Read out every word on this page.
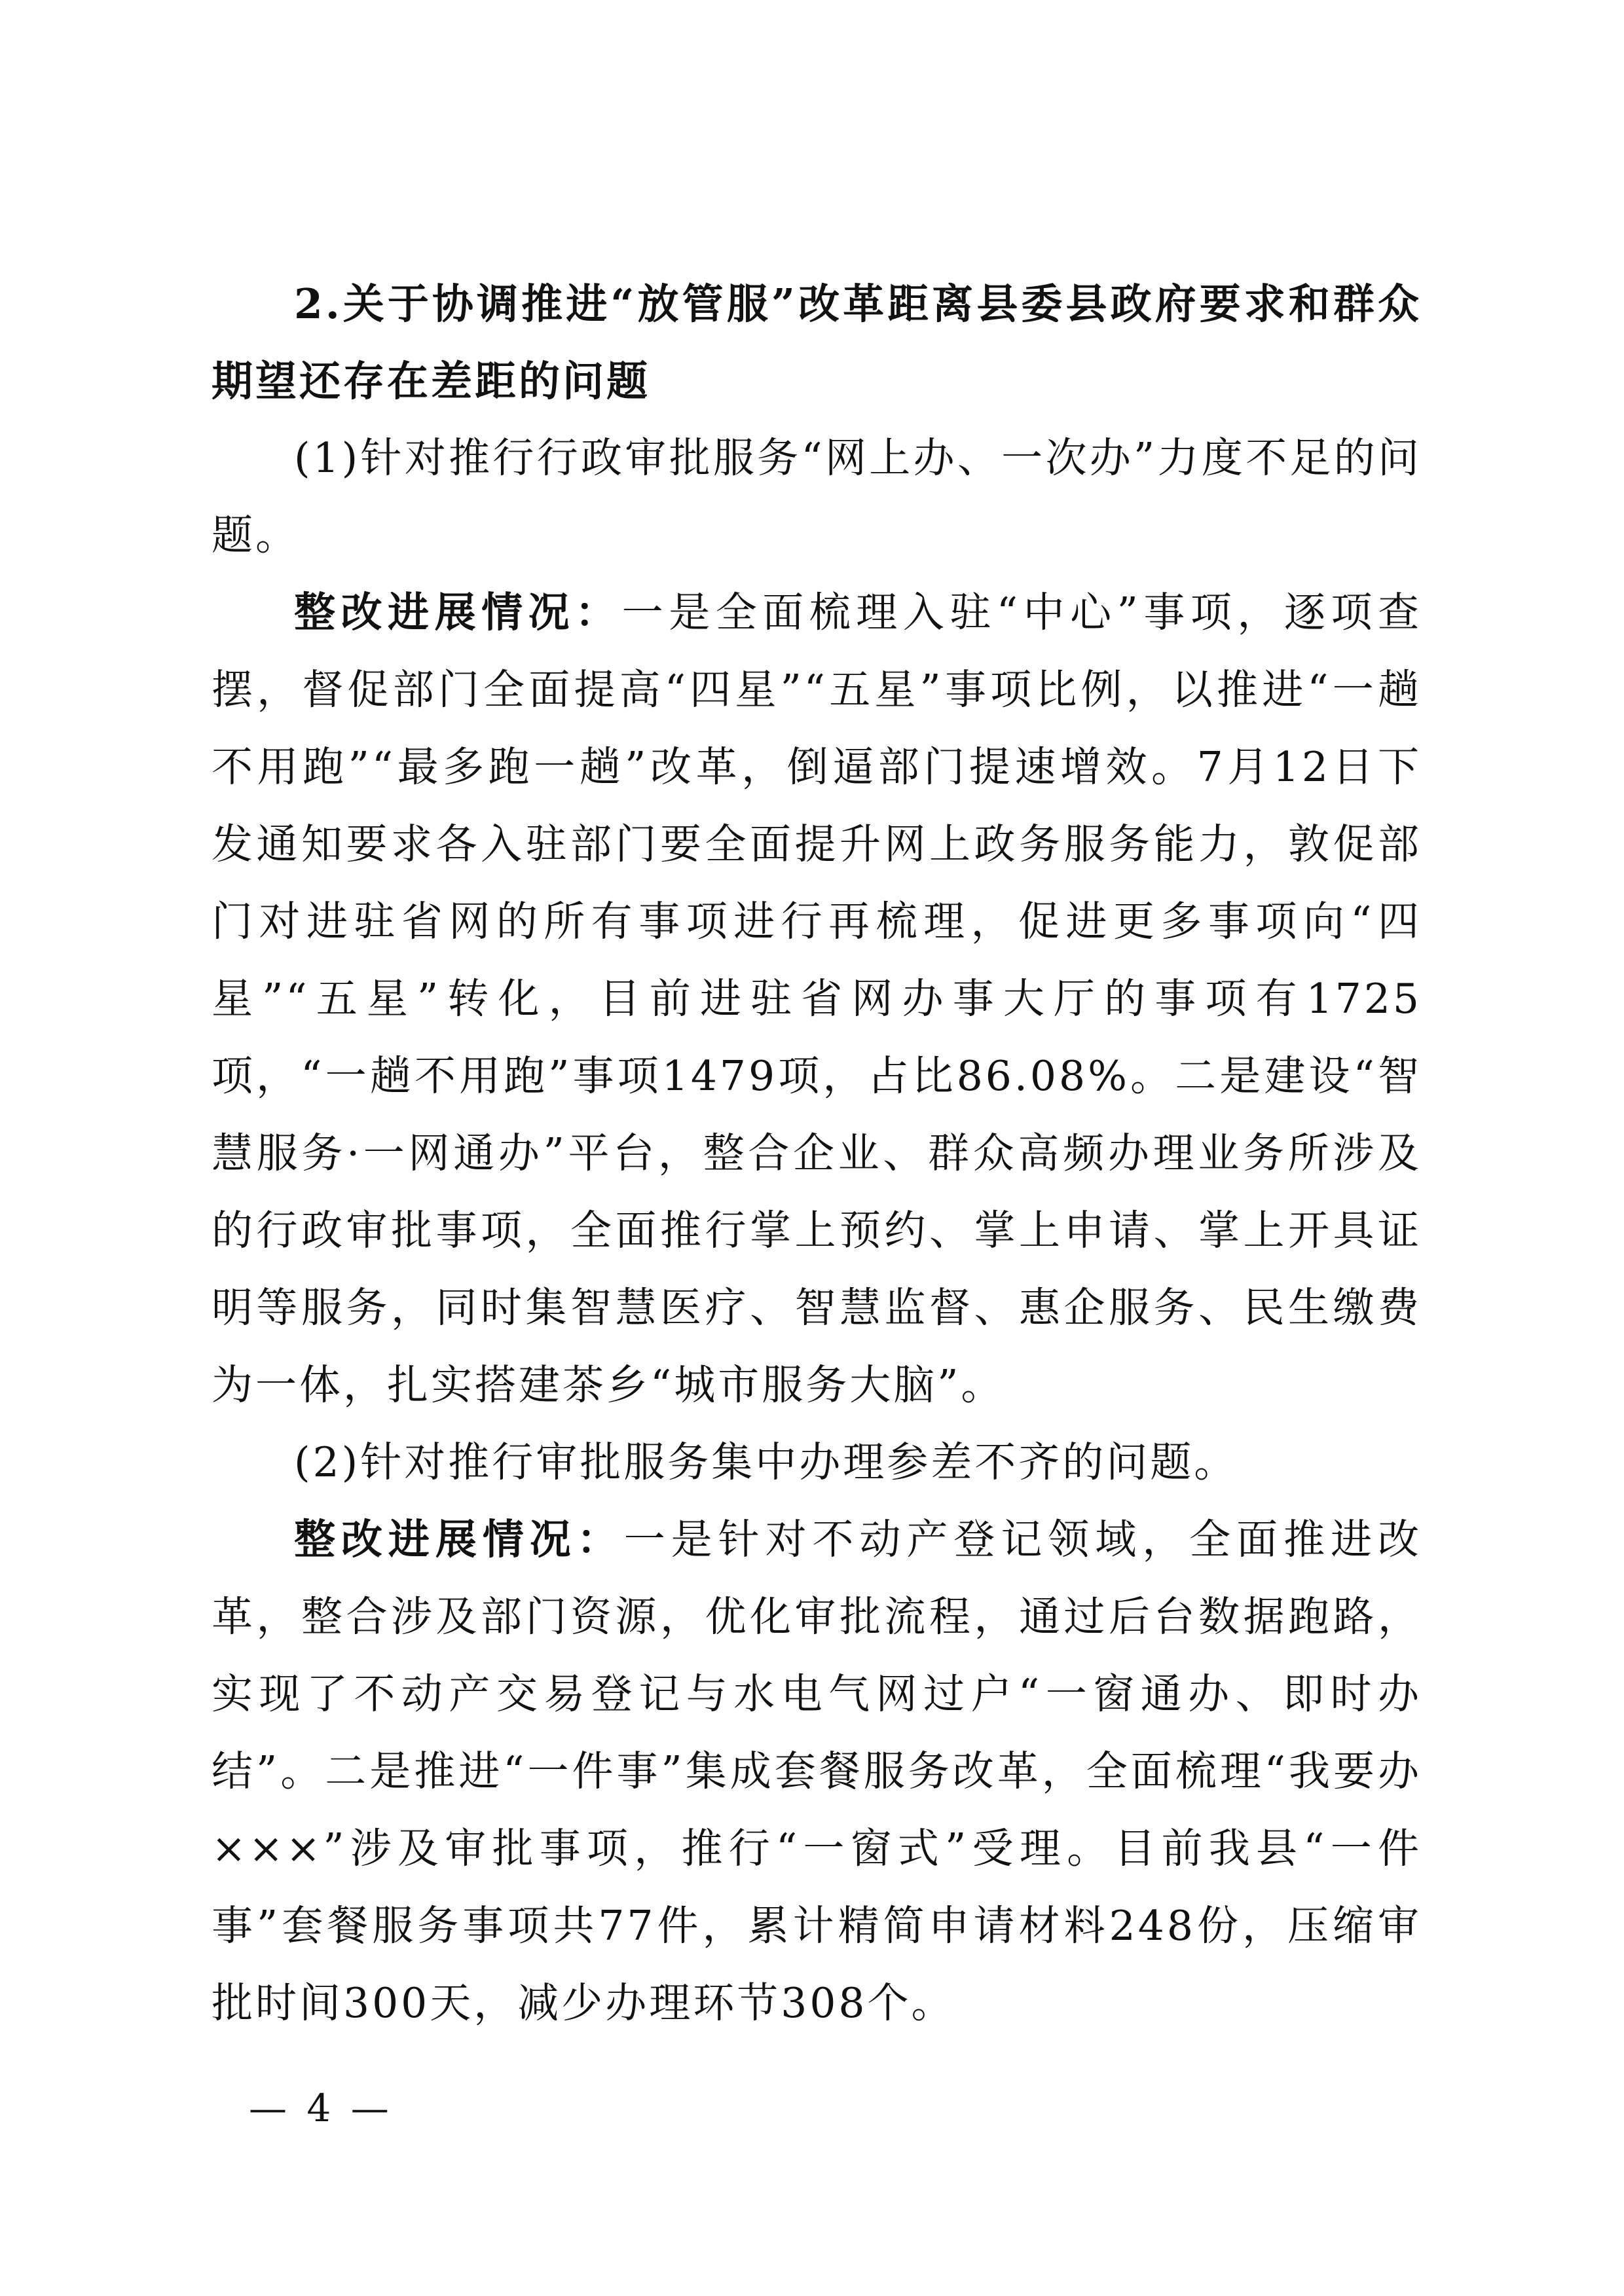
2.关于协调推进“放管服”改革距离县委县政府要求和群众期望还存在差距的问题

(1)针对推行行政审批服务“网上办、一次办”力度不足的问题。

整改进展情况：一是全面梳理入驻“中心”事项，逐项查摆，督促部门全面提高“四星”“五星”事项比例，以推进“一趟不用跑”“最多跑一趟”改革，倒逼部门提速增效。7月12日下发通知要求各入驻部门要全面提升网上政务服务能力，敦促部门对进驻省网的所有事项进行再梳理，促进更多事项向“四星”“五星”转化，目前进驻省网办事大厅的事项有1725项，“一趟不用跑”事项1479项，占比86.08%。二是建设“智慧服务·一网通办”平台，整合企业、群众高频办理业务所涉及的行政审批事项，全面推行掌上预约、掌上申请、掌上开具证明等服务，同时集智慧医疗、智慧监督、惠企服务、民生缴费为一体，扎实搭建茶乡“城市服务大脑”。

(2)针对推行审批服务集中办理参差不齐的问题。

整改进展情况：一是针对不动产登记领域，全面推进改革，整合涉及部门资源，优化审批流程，通过后台数据跑路，实现了不动产交易登记与水电气网过户“一窗通办、即时办结”。二是推进“一件事”集成套餐服务改革，全面梳理“我要办×××”涉及审批事项，推行“一窗式”受理。目前我县“一件事”套餐服务事项共77件，累计精简申请材料248份，压缩审批时间300天，减少办理环节308个。

— 4 —
